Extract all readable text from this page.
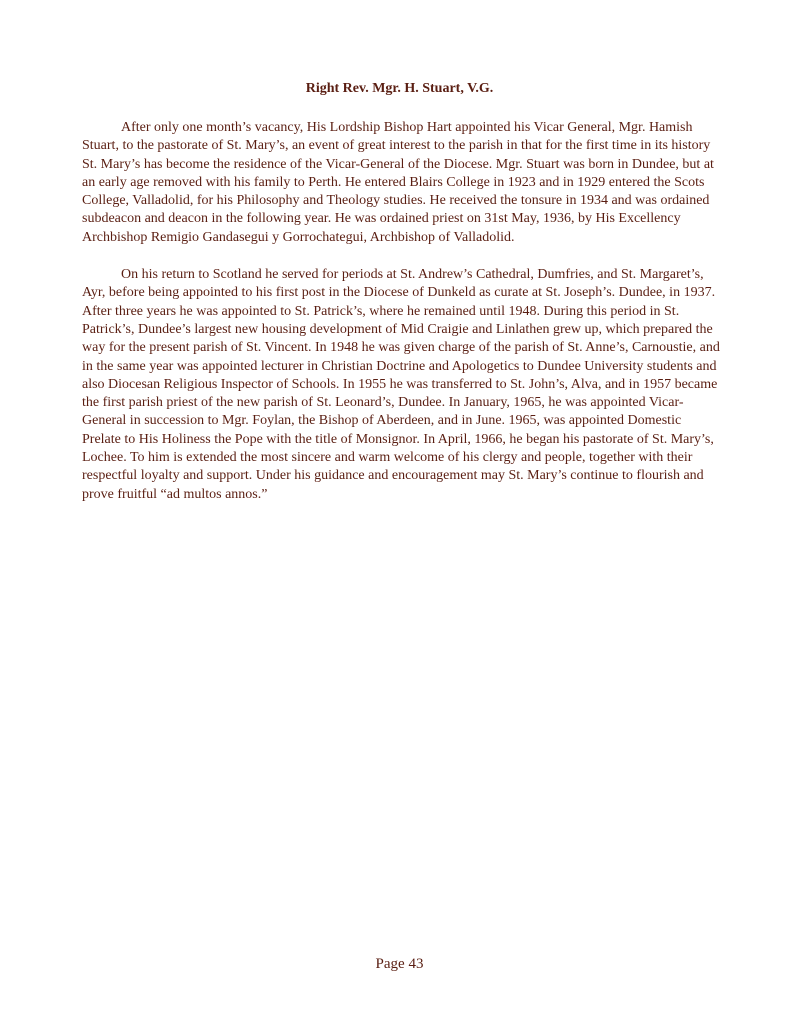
Right Rev. Mgr. H. Stuart, V.G.

After only one month’s vacancy, His Lordship Bishop Hart appointed his Vicar General, Mgr. Hamish Stuart, to the pastorate of St. Mary’s, an event of great interest to the parish in that for the first time in its history St. Mary’s has become the residence of the Vicar-General of the Diocese. Mgr. Stuart was born in Dundee, but at an early age removed with his family to Perth. He entered Blairs College in 1923 and in 1929 entered the Scots College, Valladolid, for his Philosophy and Theology studies. He received the tonsure in 1934 and was ordained subdeacon and deacon in the following year. He was ordained priest on 31st May, 1936, by His Excellency Archbishop Remigio Gandasegui y Gorrochategui, Archbishop of Valladolid.

On his return to Scotland he served for periods at St. Andrew’s Cathedral, Dumfries, and St. Margaret’s, Ayr, before being appointed to his first post in the Diocese of Dunkeld as curate at St. Joseph’s. Dundee, in 1937. After three years he was appointed to St. Patrick’s, where he remained until 1948. During this period in St. Patrick’s, Dundee’s largest new housing development of Mid Craigie and Linlathen grew up, which prepared the way for the present parish of St. Vincent. In 1948 he was given charge of the parish of St. Anne’s, Carnoustie, and in the same year was appointed lecturer in Christian Doctrine and Apologetics to Dundee University students and also Diocesan Religious Inspector of Schools. In 1955 he was transferred to St. John’s, Alva, and in 1957 became the first parish priest of the new parish of St. Leonard’s, Dundee. In January, 1965, he was appointed Vicar-General in succession to Mgr. Foylan, the Bishop of Aberdeen, and in June. 1965, was appointed Domestic Prelate to His Holiness the Pope with the title of Monsignor. In April, 1966, he began his pastorate of St. Mary’s, Lochee. To him is extended the most sincere and warm welcome of his clergy and people, together with their respectful loyalty and support. Under his guidance and encouragement may St. Mary’s continue to flourish and prove fruitful “ad multos annos.”

Page 43
